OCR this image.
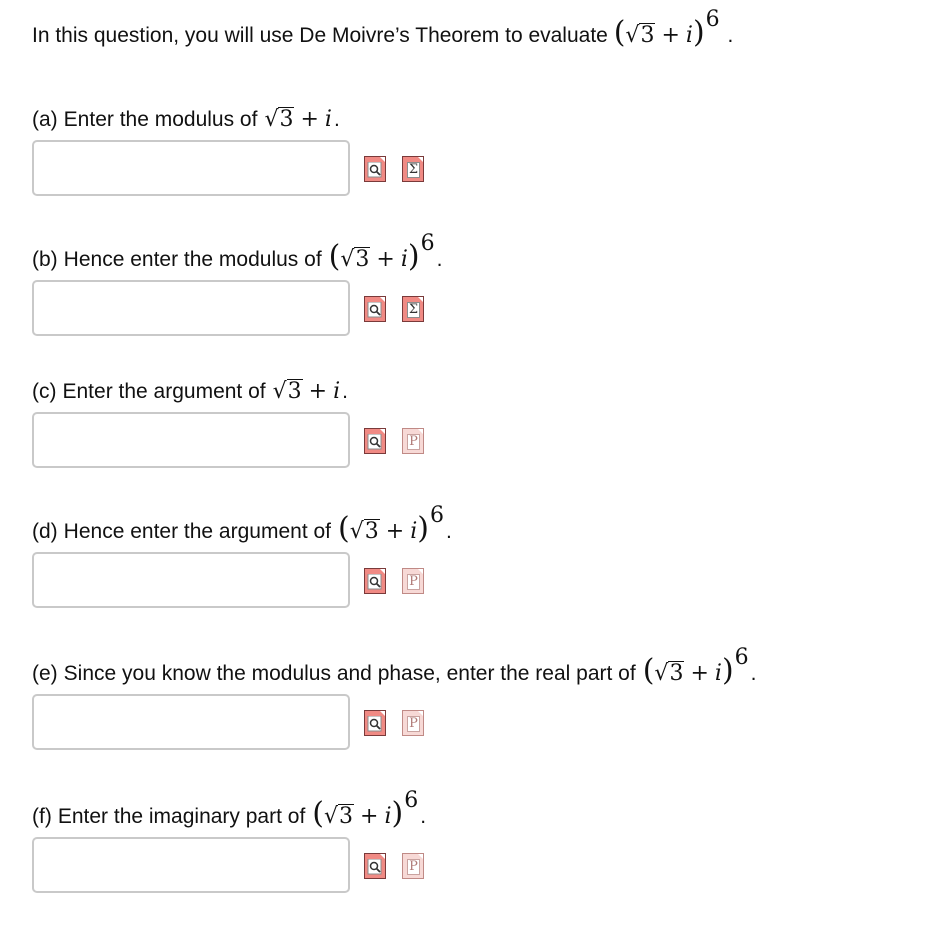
In this question, you will use De Moivre’s Theorem to evaluate ( √ 3 + i ) 6
.
(a) Enter the modulus of √ 3 + i .
Σ
(b) Hence enter the modulus of ( √ 3 + i ) 6
.
Σ
(c) Enter the argument of √ 3 + i .
P
(d) Hence enter the argument of ( √ 3 + i ) 6
.
P
(e) Since you know the modulus and phase, enter the real part of ( √ 3 + i ) 6
.
P
(f) Enter the imaginary part of ( √ 3 + i ) 6
.
P
